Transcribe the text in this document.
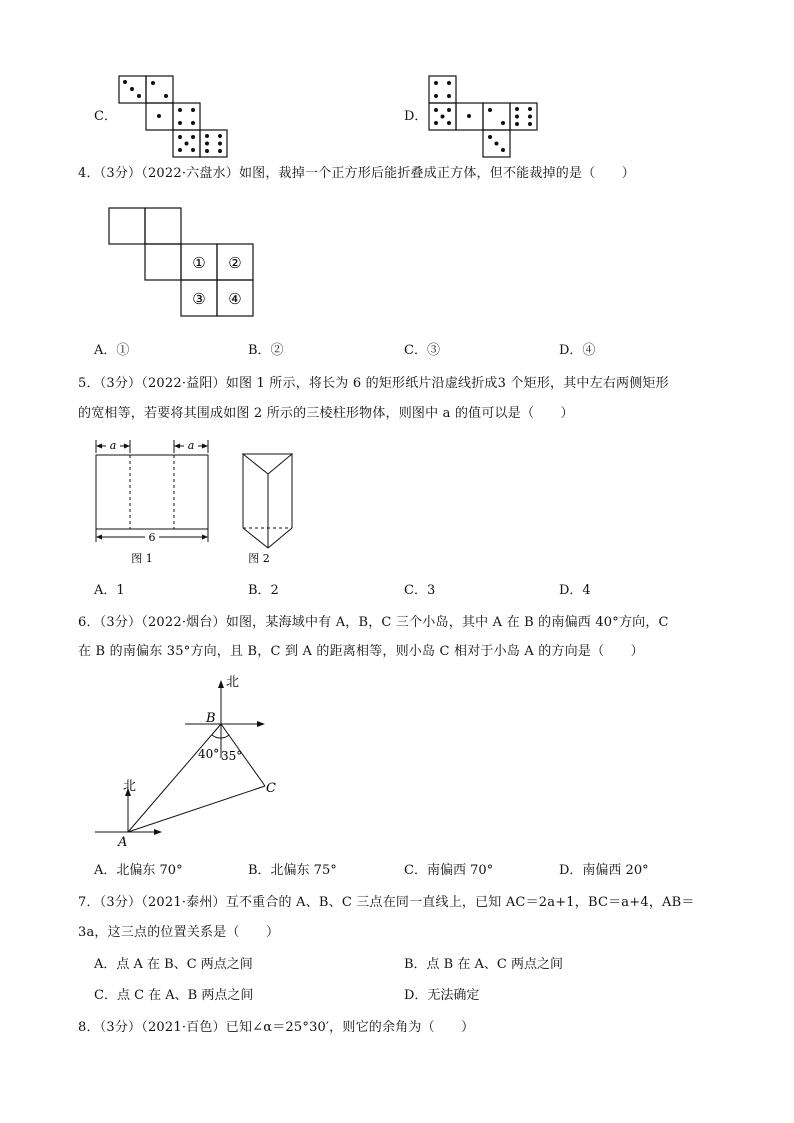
C．	D．
4．（3分）（2022·六盘水）如图，裁掉一个正方形后能折叠成正方体，但不能裁掉的是（　　）
① ②
③ ④
A．①	B．②	C．③	D．④
5．（3分）（2022·益阳）如图 1 所示，将长为 6 的矩形纸片沿虚线折成3 个矩形，其中左右两侧矩形
的宽相等，若要将其围成如图 2 所示的三棱柱形物体，则图中 a 的值可以是（　　）
a	a
6
图 1	图 2
A．1	B．2	C．3	D．4
6．（3分）（2022·烟台）如图，某海域中有 A，B，C 三个小岛，其中 A 在 B 的南偏西 40°方向，C
在 B 的南偏东 35°方向，且 B，C 到 A 的距离相等，则小岛 C 相对于小岛 A 的方向是（　　）
北
北
B
C
A
40° 35°
A．北偏东 70°	B．北偏东 75°	C．南偏西 70°	D．南偏西 20°
7．（3分）（2021·泰州）互不重合的 A、B、C 三点在同一直线上，已知 AC＝2a+1，BC＝a+4，AB＝
3a，这三点的位置关系是（　　）
A．点 A 在 B、C 两点之间	B．点 B 在 A、C 两点之间
C．点 C 在 A、B 两点之间	D．无法确定
8．（3分）（2021·百色）已知∠α＝25°30′，则它的余角为（　　）
